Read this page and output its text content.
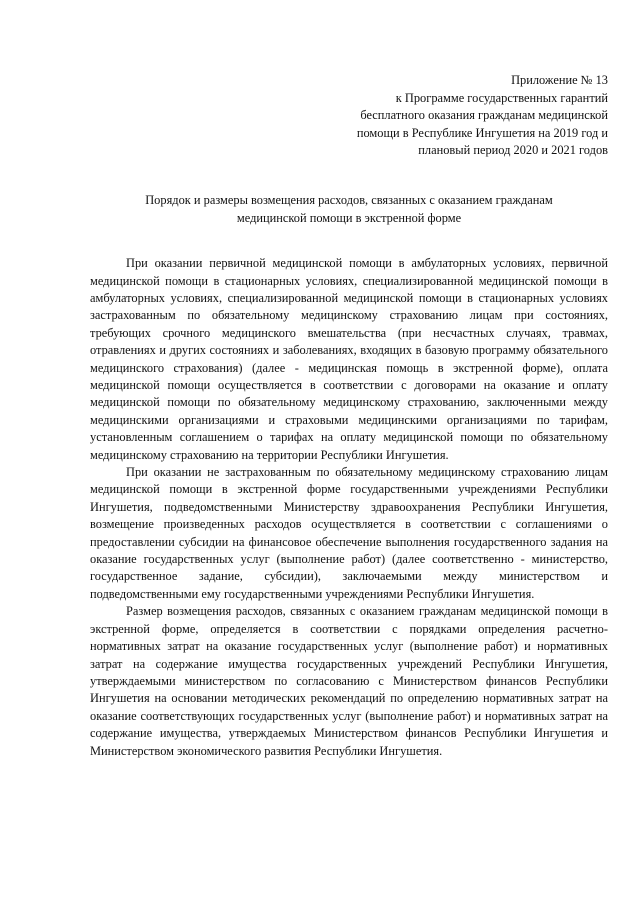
Приложение № 13
к Программе государственных гарантий
бесплатного оказания гражданам медицинской
помощи в Республике Ингушетия на 2019 год и
плановый период 2020 и 2021 годов
Порядок и размеры возмещения расходов, связанных с оказанием гражданам
медицинской помощи в экстренной форме

При оказании первичной медицинской помощи в амбулаторных условиях, первичной медицинской помощи в стационарных условиях, специализированной медицинской помощи в амбулаторных условиях, специализированной медицинской помощи в стационарных условиях застрахованным по обязательному медицинскому страхованию лицам при состояниях, требующих срочного медицинского вмешательства (при несчастных случаях, травмах, отравлениях и других состояниях и заболеваниях, входящих в базовую программу обязательного медицинского страхования) (далее - медицинская помощь в экстренной форме), оплата медицинской помощи осуществляется в соответствии с договорами на оказание и оплату медицинской помощи по обязательному медицинскому страхованию, заключенными между медицинскими организациями и страховыми медицинскими организациями по тарифам, установленным соглашением о тарифах на оплату медицинской помощи по обязательному медицинскому страхованию на территории Республики Ингушетия.

При оказании не застрахованным по обязательному медицинскому страхованию лицам медицинской помощи в экстренной форме государственными учреждениями Республики Ингушетия, подведомственными Министерству здравоохранения Республики Ингушетия, возмещение произведенных расходов осуществляется в соответствии с соглашениями о предоставлении субсидии на финансовое обеспечение выполнения государственного задания на оказание государственных услуг (выполнение работ) (далее соответственно - министерство, государственное задание, субсидии), заключаемыми между министерством и подведомственными ему государственными учреждениями Республики Ингушетия.

Размер возмещения расходов, связанных с оказанием гражданам медицинской помощи в экстренной форме, определяется в соответствии с порядками определения расчетно-нормативных затрат на оказание государственных услуг (выполнение работ) и нормативных затрат на содержание имущества государственных учреждений Республики Ингушетия, утверждаемыми министерством по согласованию с Министерством финансов Республики Ингушетия на основании методических рекомендаций по определению нормативных затрат на оказание соответствующих государственных услуг (выполнение работ) и нормативных затрат на содержание имущества, утверждаемых Министерством финансов Республики Ингушетия и Министерством экономического развития Республики Ингушетия.
